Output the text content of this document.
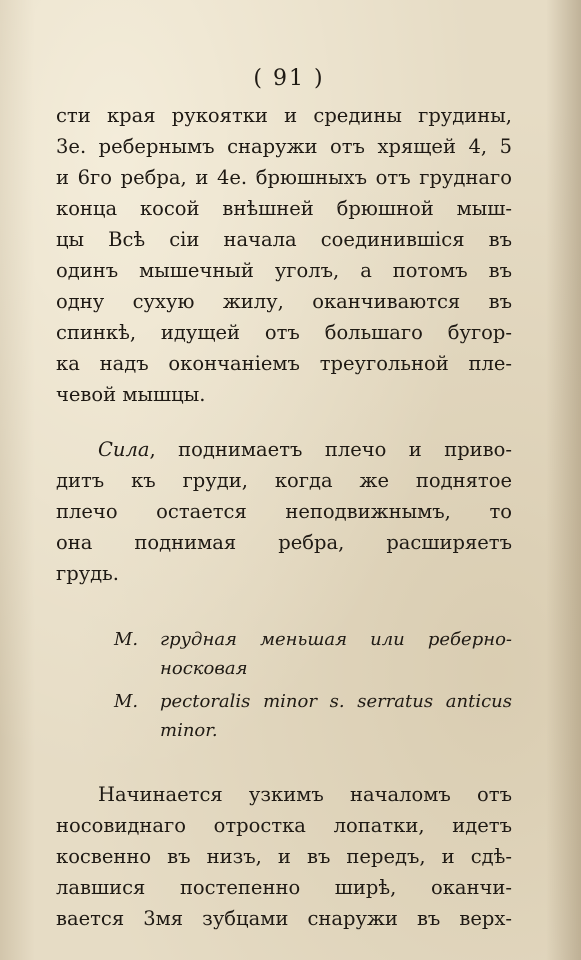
( 91 )
сти края рукоятки и средины грудины,
3е. ребернымъ снаружи отъ хрящей 4, 5
и 6го ребра, и 4е. брюшныхъ отъ груднаго
конца косой внѣшней брюшной мыш-
цы Всѣ сiи начала соединившiся въ
одинъ мышечный уголъ, а потомъ въ
одну сухую жилу, оканчиваются въ
спинкѣ, идущей отъ большаго бугор-
ка надъ окончанiемъ треугольной пле-
чевой мышцы.
Сила, поднимаетъ плечо и приво-
дитъ къ груди, когда же поднятое
плечо остается неподвижнымъ, то
она поднимая ребра, расширяетъ
грудь.
М.	грудная меньшая или реберно-
носковая
M.	pectoralis minor s. serratus anticus
minor.
Начинается узкимъ началомъ отъ
носовиднаго отростка лопатки, идетъ
косвенно въ низъ, и въ передъ, и сдѣ-
лавшися постепенно ширѣ, оканчи-
вается 3мя зубцами снаружи въ верх-
